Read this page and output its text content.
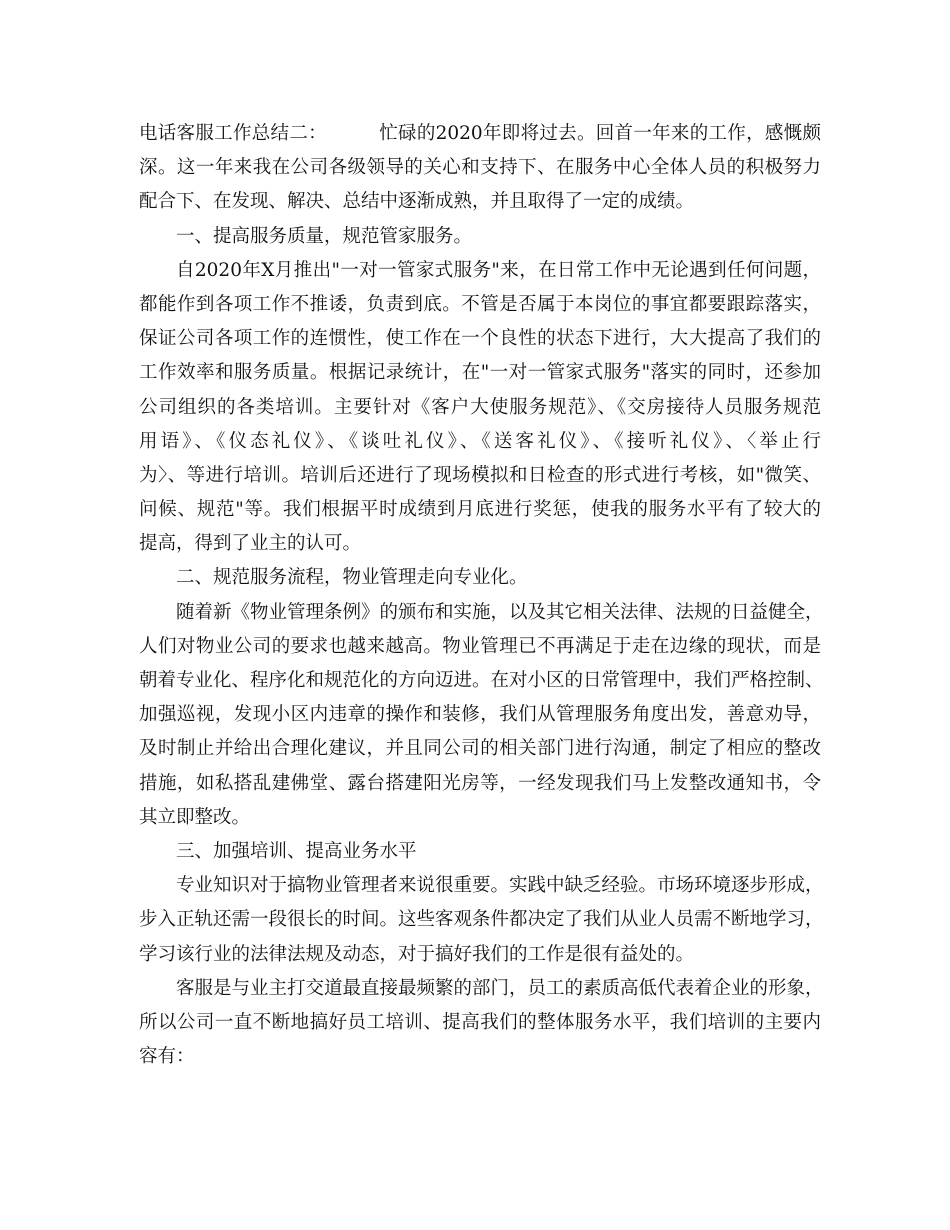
电话客服工作总结二：	忙碌的2020年即将过去。回首一年来的工作，感慨颇
深。这一年来我在公司各级领导的关心和支持下、在服务中心全体人员的积极努力
配合下、在发现、解决、总结中逐渐成熟，并且取得了一定的成绩。
一、提高服务质量，规范管家服务。
自2020年X月推出"一对一管家式服务"来，在日常工作中无论遇到任何问题，
都能作到各项工作不推诿，负责到底。不管是否属于本岗位的事宜都要跟踪落实，
保证公司各项工作的连惯性，使工作在一个良性的状态下进行，大大提高了我们的
工作效率和服务质量。根据记录统计，在"一对一管家式服务"落实的同时，还参加
公司组织的各类培训。主要针对《客户大使服务规范》、《交房接待人员服务规范
用语》、《仪态礼仪》、《谈吐礼仪》、《送客礼仪》、《接听礼仪》、〈举止行
为〉、等进行培训。培训后还进行了现场模拟和日检查的形式进行考核，如"微笑、
问候、规范"等。我们根据平时成绩到月底进行奖惩，使我的服务水平有了较大的
提高，得到了业主的认可。
二、规范服务流程，物业管理走向专业化。
随着新《物业管理条例》的颁布和实施，以及其它相关法律、法规的日益健全，
人们对物业公司的要求也越来越高。物业管理已不再满足于走在边缘的现状，而是
朝着专业化、程序化和规范化的方向迈进。在对小区的日常管理中，我们严格控制、
加强巡视，发现小区内违章的操作和装修，我们从管理服务角度出发，善意劝导，
及时制止并给出合理化建议，并且同公司的相关部门进行沟通，制定了相应的整改
措施，如私搭乱建佛堂、露台搭建阳光房等，一经发现我们马上发整改通知书，令
其立即整改。
三、加强培训、提高业务水平
专业知识对于搞物业管理者来说很重要。实践中缺乏经验。市场环境逐步形成，
步入正轨还需一段很长的时间。这些客观条件都决定了我们从业人员需不断地学习，
学习该行业的法律法规及动态，对于搞好我们的工作是很有益处的。
客服是与业主打交道最直接最频繁的部门，员工的素质高低代表着企业的形象，
所以公司一直不断地搞好员工培训、提高我们的整体服务水平，我们培训的主要内
容有：
